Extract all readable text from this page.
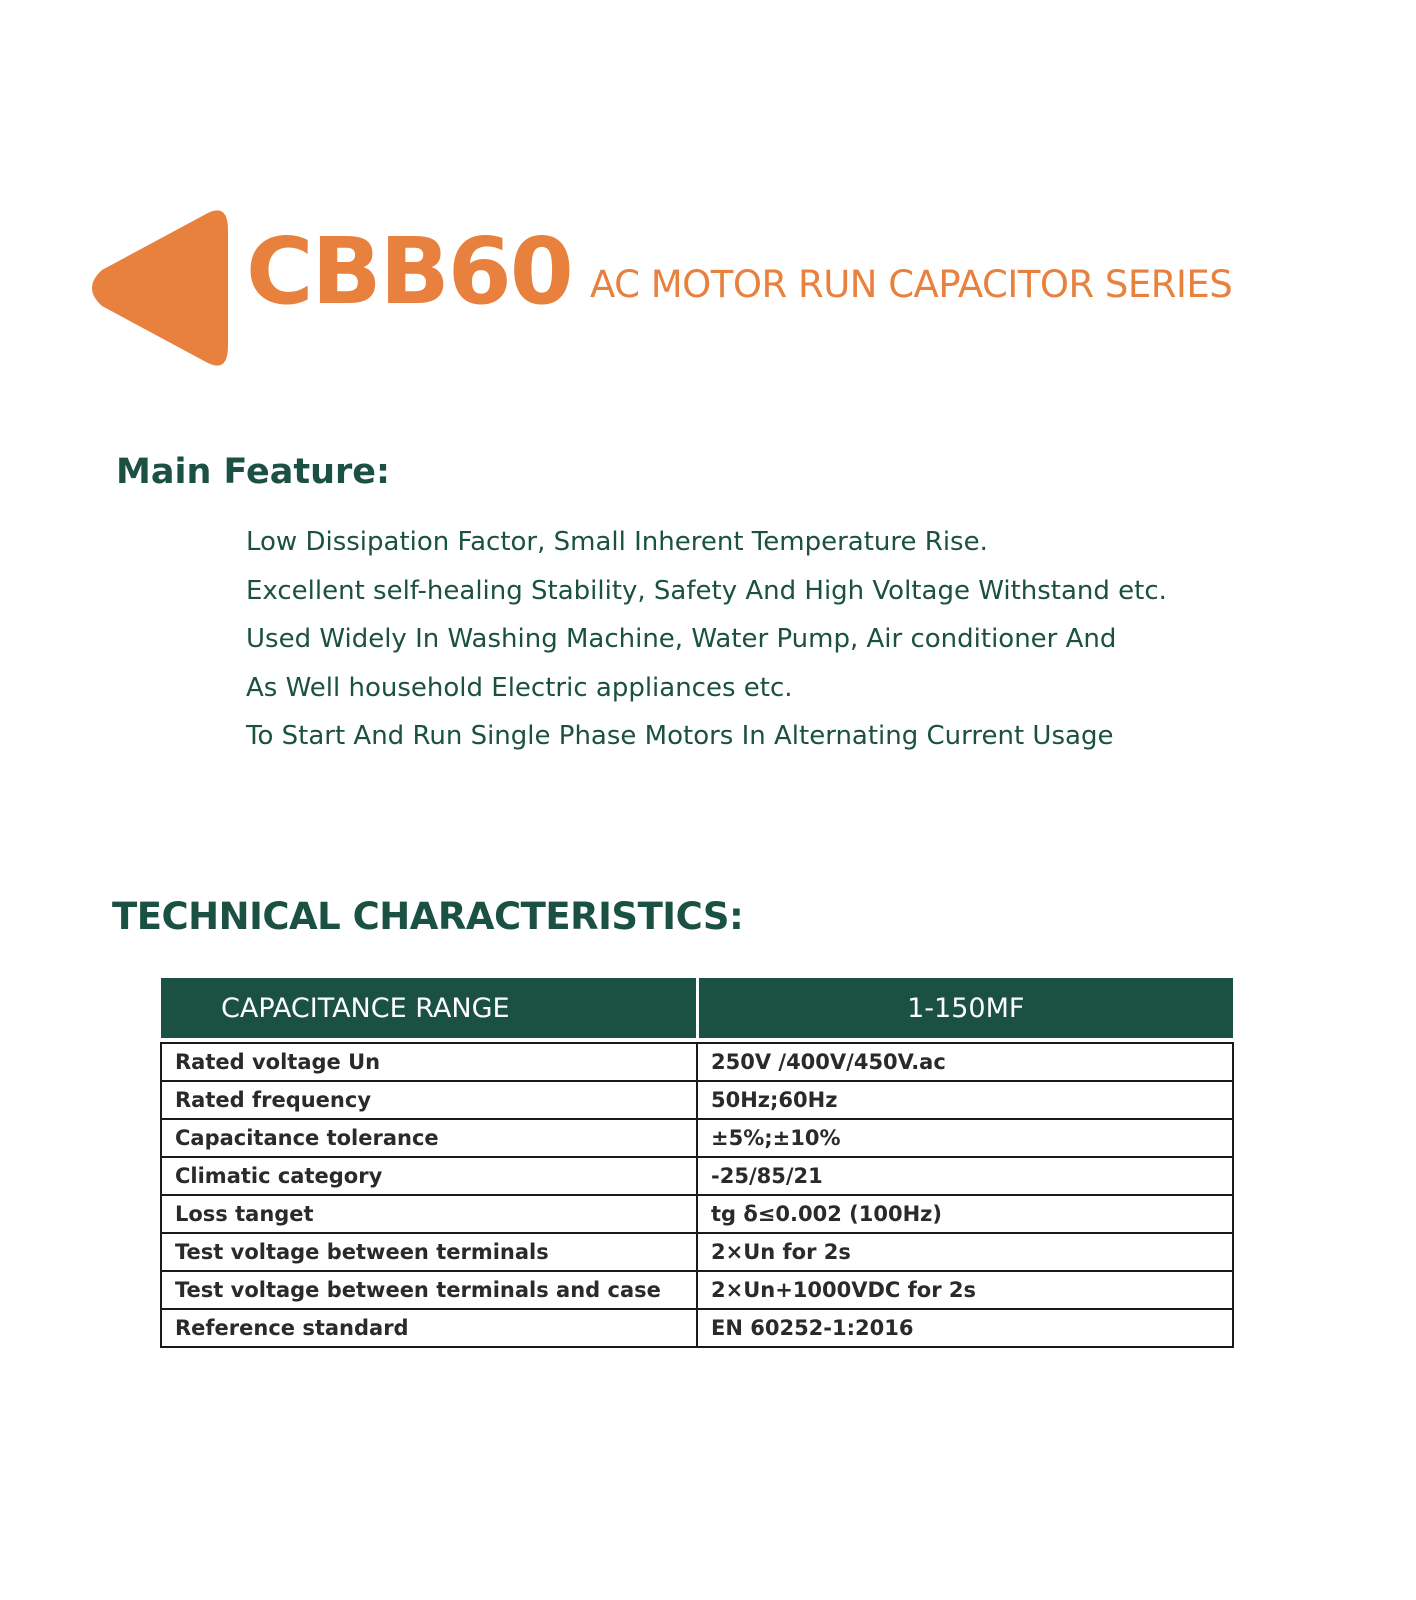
CBB60 AC MOTOR RUN CAPACITOR SERIES
Main Feature:
Low Dissipation Factor, Small Inherent Temperature Rise.
Excellent self-healing Stability, Safety And High Voltage Withstand etc.
Used Widely In Washing Machine, Water Pump, Air conditioner And
As Well household Electric appliances etc.
To Start And Run Single Phase Motors In Alternating Current Usage
TECHNICAL CHARACTERISTICS:
CAPACITANCE RANGE	1-150MF

Rated voltage Un	250V /400V/450V.ac
Rated frequency	50Hz;60Hz
Capacitance tolerance	±5%;±10%
Climatic category	-25/85/21
Loss tanget	tg δ≤0.002 (100Hz)
Test voltage between terminals	2×Un for 2s
Test voltage between terminals and case	2×Un+1000VDC for 2s
Reference standard	EN 60252-1:2016
